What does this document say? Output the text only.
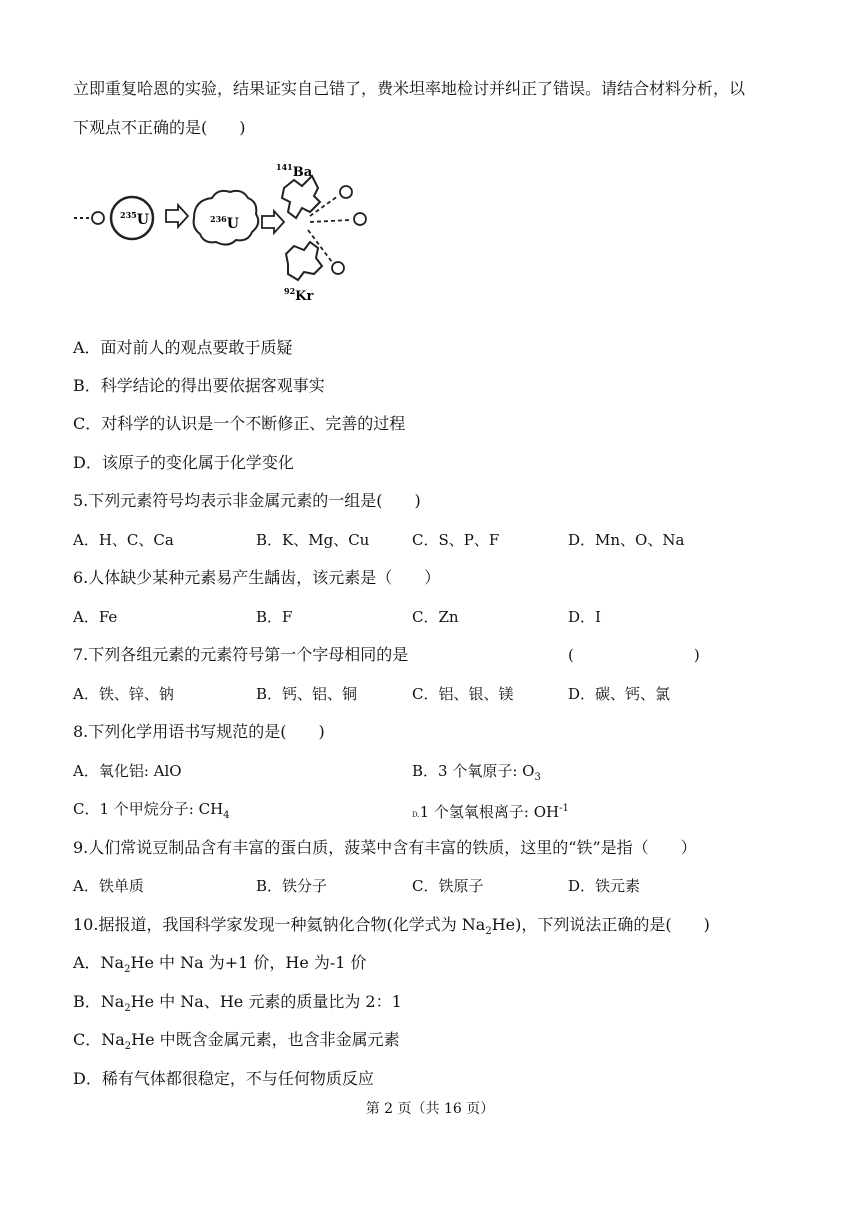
立即重复哈恩的实验，结果证实自己错了，费米坦率地检讨并纠正了错误。请结合材料分析，以
下观点不正确的是(　　)
$^{235}$U	$^{236}$U
$^{141}$Ba
$^{92}$Kr
A．面对前人的观点要敢于质疑
B．科学结论的得出要依据客观事实
C．对科学的认识是一个不断修正、完善的过程
D．该原子的变化属于化学变化
5.下列元素符号均表示非金属元素的一组是(　　)
A．H、C、Ca	B．K、Mg、Cu	C．S、P、F	D．Mn、O、Na
6.人体缺少某种元素易产生龋齿，该元素是（　　）
A．Fe	B．F	C．Zn	D．I
7.下列各组元素的元素符号第一个字母相同的是	(　　　　　　　　)
A．铁、锌、钠	B．钙、铝、铜	C．铝、银、镁	D．碳、钙、氯
8.下列化学用语书写规范的是(　　)
A．氧化铝: AlO	B．3 个氧原子: $O_3$
C．1 个甲烷分子: $CH_4$	D.1 个氢氧根离子: $OH^{-1}$
9.人们常说豆制品含有丰富的蛋白质，菠菜中含有丰富的铁质，这里的“铁”是指（　　）
A．铁单质	B．铁分子	C．铁原子	D．铁元素
10.据报道，我国科学家发现一种氦钠化合物(化学式为 $Na_2He$)，下列说法正确的是(　　)
A．$Na_2He$ 中 Na 为+1 价，He 为-1 价
B．$Na_2He$ 中 Na、He 元素的质量比为 2：1
C．$Na_2He$ 中既含金属元素，也含非金属元素
D．稀有气体都很稳定，不与任何物质反应
第 2 页（共 16 页）
